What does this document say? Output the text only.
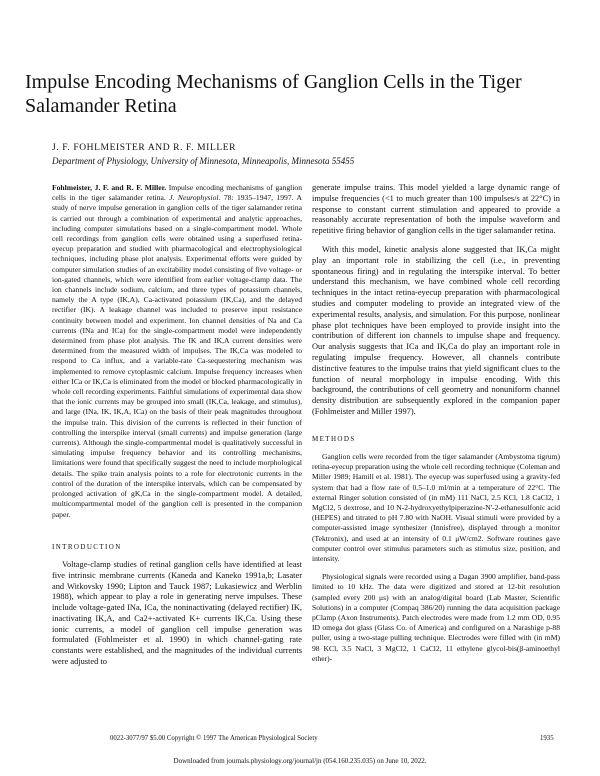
Impulse Encoding Mechanisms of Ganglion Cells in the Tiger Salamander Retina
J. F. FOHLMEISTER AND R. F. MILLER
Department of Physiology, University of Minnesota, Minneapolis, Minnesota 55455

Fohlmeister, J. F. and R. F. Miller. Impulse encoding mechanisms of ganglion cells in the tiger salamander retina. J. Neurophysiol. 78: 1935–1947, 1997. A study of nerve impulse generation in ganglion cells of the tiger salamander retina is carried out through a combination of experimental and analytic approaches, including computer simulations based on a single-compartment model. Whole cell recordings from ganglion cells were obtained using a superfused retina-eyecup preparation and studied with pharmacological and electrophysiological techniques, including phase plot analysis. Experimental efforts were guided by computer simulation studies of an excitability model consisting of five voltage- or ion-gated channels, which were identified from earlier voltage-clamp data. The ion channels include sodium, calcium, and three types of potassium channels, namely the A type (IK,A), Ca-activated potassium (IK,Ca), and the delayed rectifier (IK). A leakage channel was included to preserve input resistance continuity between model and experiment. Ion channel densities of Na and Ca currents (INa and ICa) for the single-compartment model were independently determined from phase plot analysis. The IK and IK,A current densities were determined from the measured width of impulses. The IK,Ca was modeled to respond to Ca influx, and a variable-rate Ca-sequestering mechanism was implemented to remove cytoplasmic calcium. Impulse frequency increases when either ICa or IK,Ca is eliminated from the model or blocked pharmacologically in whole cell recording experiments. Faithful simulations of experimental data show that the ionic currents may be grouped into small (IK,Ca, leakage, and stimulus), and large (INa, IK, IK,A, ICa) on the basis of their peak magnitudes throughout the impulse train. This division of the currents is reflected in their function of controlling the interspike interval (small currents) and impulse generation (large currents). Although the single-compartmental model is qualitatively successful in simulating impulse frequency behavior and its controlling mechanisms, limitations were found that specifically suggest the need to include morphological details. The spike train analysis points to a role for electrotonic currents in the control of the duration of the interspike intervals, which can be compensated by prolonged activation of gK,Ca in the single-compartment model. A detailed, multicompartmental model of the ganglion cell is presented in the companion paper.

INTRODUCTION

Voltage-clamp studies of retinal ganglion cells have identified at least five intrinsic membrane currents (Kaneda and Kaneko 1991a,b; Lasater and Witkovsky 1990; Lipton and Tauck 1987; Lukasiewicz and Werblin 1988), which appear to play a role in generating nerve impulses. These include voltage-gated INa, ICa, the noninactivating (delayed rectifier) IK, inactivating IK,A, and Ca2+-activated K+ currents IK,Ca. Using these ionic currents, a model of ganglion cell impulse generation was formulated (Fohlmeister et al. 1990) in which channel-gating rate constants were established, and the magnitudes of the individual currents were adjusted to

generate impulse trains. This model yielded a large dynamic range of impulse frequencies (<1 to much greater than 100 impulses/s at 22°C) in response to constant current stimulation and appeared to provide a reasonably accurate representation of both the impulse waveform and repetitive firing behavior of ganglion cells in the tiger salamander retina.

With this model, kinetic analysis alone suggested that IK,Ca might play an important role in stabilizing the cell (i.e., in preventing spontaneous firing) and in regulating the interspike interval. To better understand this mechanism, we have combined whole cell recording techniques in the intact retina-eyecup preparation with pharmacological studies and computer modeling to provide an integrated view of the experimental results, analysis, and simulation. For this purpose, nonlinear phase plot techniques have been employed to provide insight into the contribution of different ion channels to impulse shape and frequency. Our analysis suggests that ICa and IK,Ca do play an important role in regulating impulse frequency. However, all channels contribute distinctive features to the impulse trains that yield significant clues to the function of neural morphology in impulse encoding. With this background, the contributions of cell geometry and nonuniform channel density distribution are subsequently explored in the companion paper (Fohlmeister and Miller 1997).

METHODS

Ganglion cells were recorded from the tiger salamander (Ambystoma tigrum) retina-eyecup preparation using the whole cell recording technique (Coleman and Miller 1989; Hamill et al. 1981). The eyecup was superfused using a gravity-fed system that had a flow rate of 0.5–1.0 ml/min at a temperature of 22°C. The external Ringer solution consisted of (in mM) 111 NaCl, 2.5 KCl, 1.8 CaCl2, 1 MgCl2, 5 dextrose, and 10 N-2-hydroxyethylpiperazine-N'-2-ethanesulfonic acid (HEPES) and titrated to pH 7.80 with NaOH. Visual stimuli were provided by a computer-assisted image synthesizer (Innisfree), displayed through a monitor (Tektronix), and used at an intensity of 0.1 μW/cm2. Software routines gave computer control over stimulus parameters such as stimulus size, position, and intensity.

Physiological signals were recorded using a Dagan 3900 amplifier, band-pass limited to 10 kHz. The data were digitized and stored at 12-bit resolution (sampled every 200 μs) with an analog/digital board (Lab Master, Scientific Solutions) in a computer (Compaq 386/20) running the data acquisition package pClamp (Axon Instruments). Patch electrodes were made from 1.2 mm OD, 0.95 ID omega dot glass (Glass Co. of America) and configured on a Narashige p-88 puller, using a two-stage pulling technique. Electrodes were filled with (in mM) 98 KCl, 3.5 NaCl, 3 MgCl2, 1 CaCl2, 11 ethylene glycol-bis(β-aminoethyl ether)-

0022-3077/97 $5.00 Copyright © 1997 The American Physiological Society	1935
Downloaded from journals.physiology.org/journal/jn (054.160.235.035) on June 10, 2022.
